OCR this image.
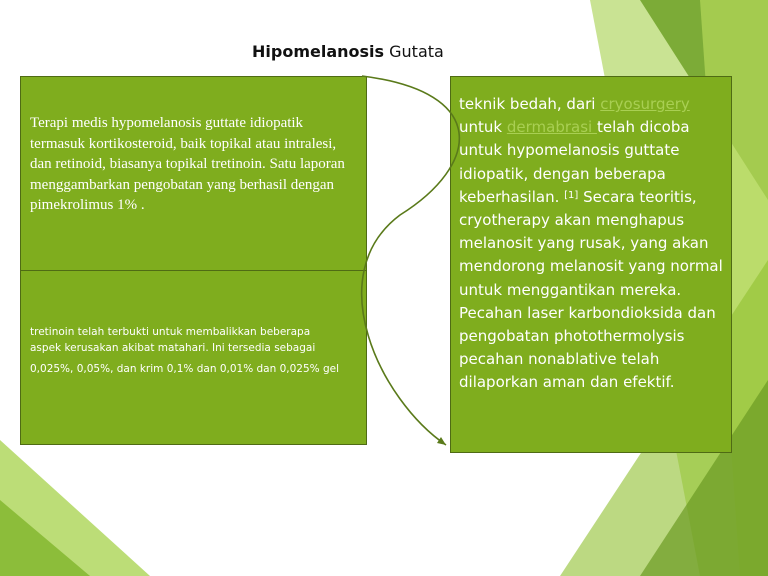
Hipomelanosis Gutata
Terapi medis hypomelanosis guttate idiopatik termasuk kortikosteroid, baik topikal atau intralesi, dan retinoid, biasanya topikal tretinoin. Satu laporan menggambarkan pengobatan yang berhasil dengan pimekrolimus 1% .
tretinoin telah terbukti untuk membalikkan beberapa
aspek kerusakan akibat matahari. Ini tersedia sebagai
0,025%, 0,05%, dan krim 0,1% dan 0,01% dan 0,025% gel
teknik bedah, dari cryosurgery untuk dermabrasi telah dicoba untuk hypomelanosis guttate idiopatik, dengan beberapa keberhasilan. [1] Secara teoritis, cryotherapy akan menghapus melanosit yang rusak, yang akan mendorong melanosit yang normal untuk menggantikan mereka. Pecahan laser karbondioksida dan pengobatan photothermolysis pecahan nonablative telah dilaporkan aman dan efektif.
